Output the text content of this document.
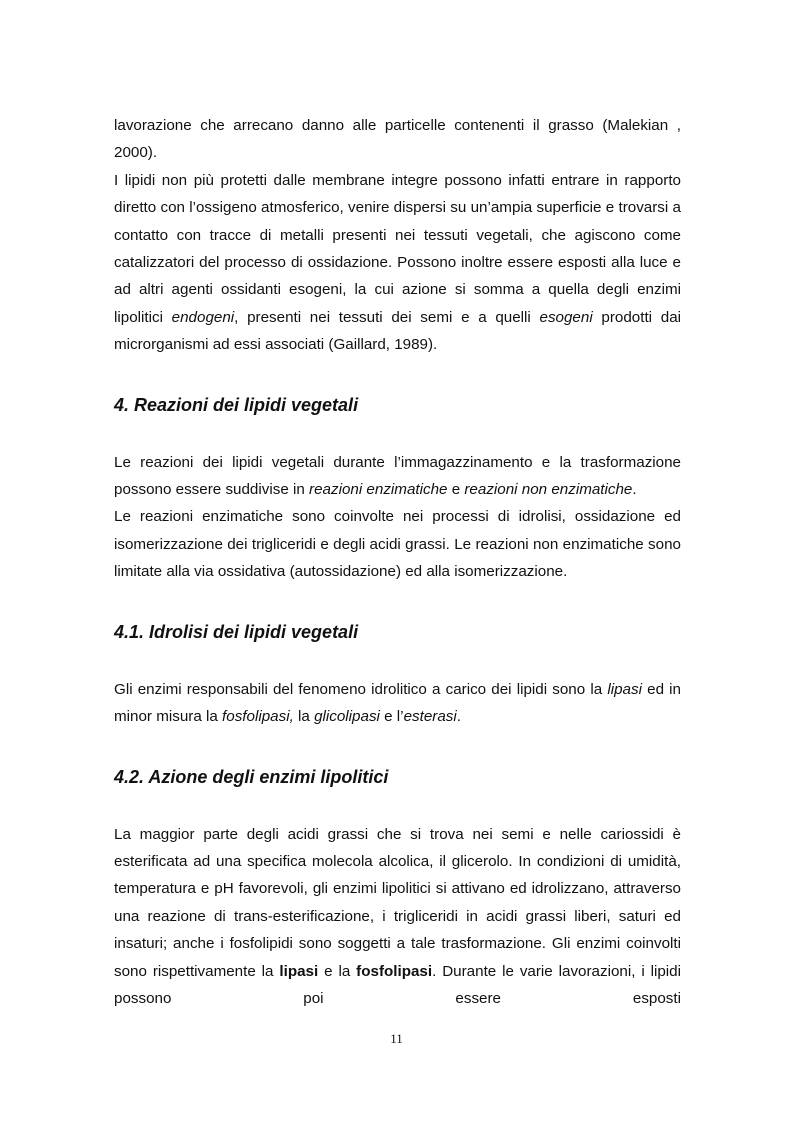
lavorazione che arrecano danno alle particelle contenenti il grasso (Malekian , 2000).

I lipidi non più protetti dalle membrane integre possono infatti entrare in rapporto diretto con l’ossigeno atmosferico, venire dispersi su un’ampia superficie e trovarsi a contatto con tracce di metalli presenti nei tessuti vegetali, che agiscono come catalizzatori del processo di ossidazione. Possono inoltre essere esposti alla luce e ad altri agenti ossidanti esogeni, la cui azione si somma a quella degli enzimi lipolitici endogeni, presenti nei tessuti dei semi e a quelli esogeni prodotti dai microrganismi ad essi associati (Gaillard, 1989).

4. Reazioni dei lipidi vegetali

Le reazioni dei lipidi vegetali durante l’immagazzinamento e la trasformazione possono essere suddivise in reazioni enzimatiche e reazioni non enzimatiche.

Le reazioni enzimatiche sono coinvolte nei processi di idrolisi, ossidazione ed isomerizzazione dei trigliceridi e degli acidi grassi. Le reazioni non enzimatiche sono limitate alla via ossidativa (autossidazione) ed alla isomerizzazione.

4.1. Idrolisi dei lipidi vegetali

Gli enzimi responsabili del fenomeno idrolitico a carico dei lipidi sono la lipasi ed in minor misura la fosfolipasi, la glicolipasi e l’esterasi.

4.2. Azione degli enzimi lipolitici

La maggior parte degli acidi grassi che si trova nei semi e nelle cariossidi è esterificata ad una specifica molecola alcolica, il glicerolo. In condizioni di umidità, temperatura e pH favorevoli, gli enzimi lipolitici si attivano ed idrolizzano, attraverso una reazione di trans-esterificazione, i trigliceridi in acidi grassi liberi, saturi ed insaturi; anche i fosfolipidi sono soggetti a tale trasformazione. Gli enzimi coinvolti sono rispettivamente la lipasi e la fosfolipasi. Durante le varie lavorazioni, i lipidi possono poi essere esposti

11
